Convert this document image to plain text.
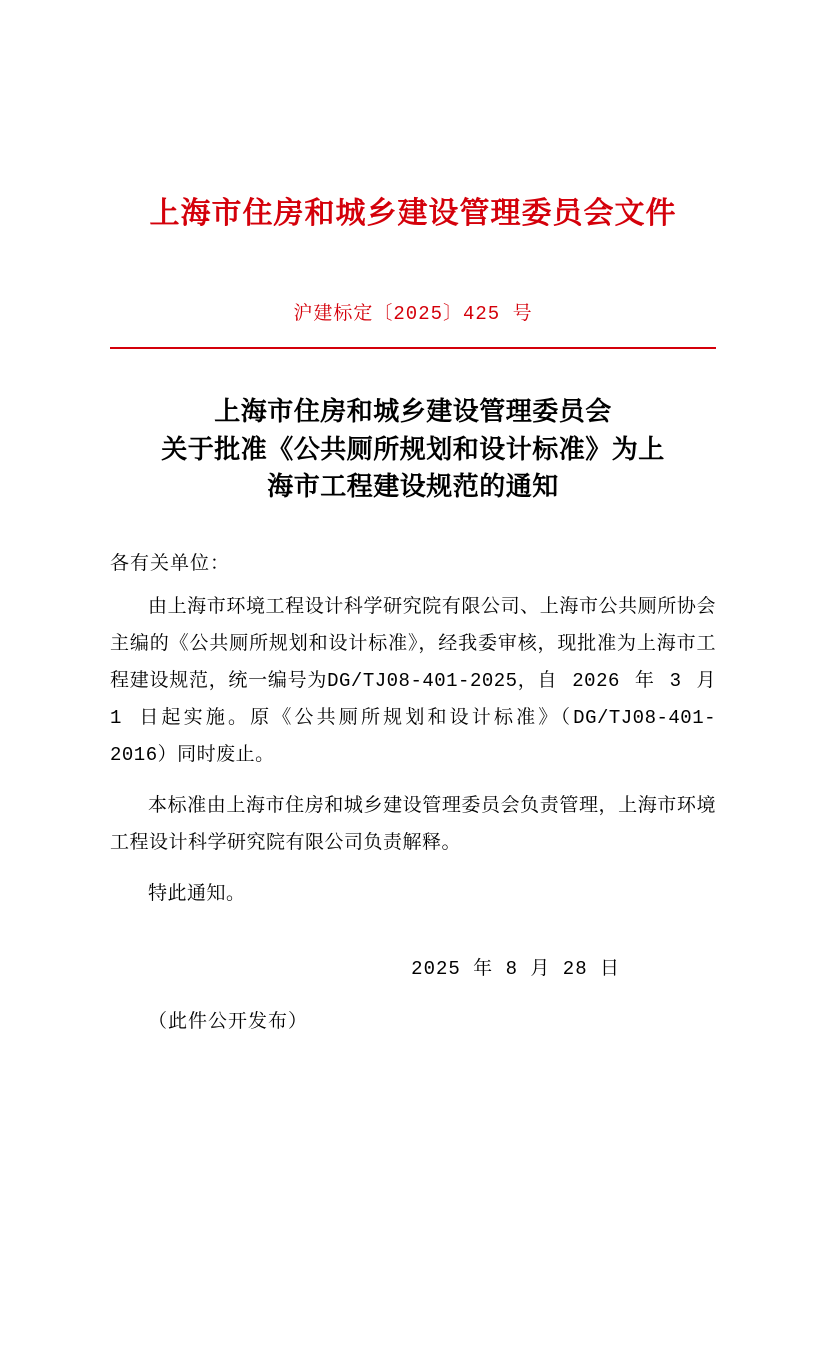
上海市住房和城乡建设管理委员会文件
沪建标定〔2025〕425 号
上海市住房和城乡建设管理委员会
关于批准《公共厕所规划和设计标准》为上
海市工程建设规范的通知
各有关单位：
由上海市环境工程设计科学研究院有限公司、上海市公共厕所协会主编的《公共厕所规划和设计标准》，经我委审核，现批准为上海市工程建设规范，统一编号为DG/TJ08-401-2025，自 2026 年 3 月 1 日起实施。原《公共厕所规划和设计标准》（DG/TJ08-401-2016）同时废止。
本标准由上海市住房和城乡建设管理委员会负责管理，上海市环境工程设计科学研究院有限公司负责解释。
特此通知。
2025 年 8 月 28 日
（此件公开发布）
